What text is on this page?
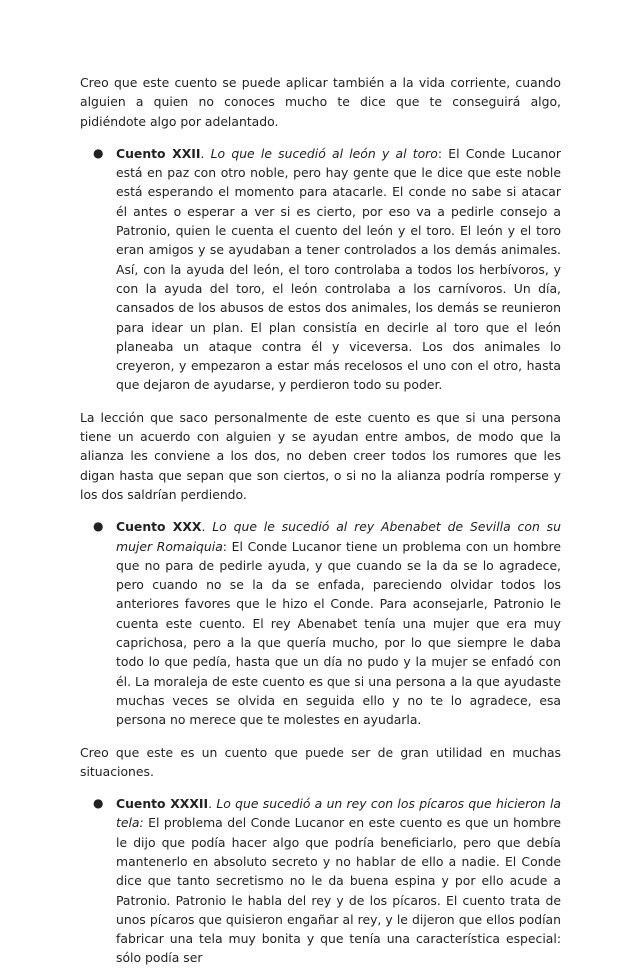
Creo que este cuento se puede aplicar también a la vida corriente, cuando alguien a quien no conoces mucho te dice que te conseguirá algo, pidiéndote algo por adelantado.

● Cuento XXII. Lo que le sucedió al león y al toro: El Conde Lucanor está en paz con otro noble, pero hay gente que le dice que este noble está esperando el momento para atacarle. El conde no sabe si atacar él antes o esperar a ver si es cierto, por eso va a pedirle consejo a Patronio, quien le cuenta el cuento del león y el toro. El león y el toro eran amigos y se ayudaban a tener controlados a los demás animales. Así, con la ayuda del león, el toro controlaba a todos los herbívoros, y con la ayuda del toro, el león controlaba a los carnívoros. Un día, cansados de los abusos de estos dos animales, los demás se reunieron para idear un plan. El plan consistía en decirle al toro que el león planeaba un ataque contra él y viceversa. Los dos animales lo creyeron, y empezaron a estar más recelosos el uno con el otro, hasta que dejaron de ayudarse, y perdieron todo su poder.

La lección que saco personalmente de este cuento es que si una persona tiene un acuerdo con alguien y se ayudan entre ambos, de modo que la alianza les conviene a los dos, no deben creer todos los rumores que les digan hasta que sepan que son ciertos, o si no la alianza podría romperse y los dos saldrían perdiendo.

● Cuento XXX. Lo que le sucedió al rey Abenabet de Sevilla con su mujer Romaiquia: El Conde Lucanor tiene un problema con un hombre que no para de pedirle ayuda, y que cuando se la da se lo agradece, pero cuando no se la da se enfada, pareciendo olvidar todos los anteriores favores que le hizo el Conde. Para aconsejarle, Patronio le cuenta este cuento. El rey Abenabet tenía una mujer que era muy caprichosa, pero a la que quería mucho, por lo que siempre le daba todo lo que pedía, hasta que un día no pudo y la mujer se enfadó con él. La moraleja de este cuento es que si una persona a la que ayudaste muchas veces se olvida en seguida ello y no te lo agradece, esa persona no merece que te molestes en ayudarla.

Creo que este es un cuento que puede ser de gran utilidad en muchas situaciones.

● Cuento XXXII. Lo que sucedió a un rey con los pícaros que hicieron la tela: El problema del Conde Lucanor en este cuento es que un hombre le dijo que podía hacer algo que podría beneficiarlo, pero que debía mantenerlo en absoluto secreto y no hablar de ello a nadie. El Conde dice que tanto secretismo no le da buena espina y por ello acude a Patronio. Patronio le habla del rey y de los pícaros. El cuento trata de unos pícaros que quisieron engañar al rey, y le dijeron que ellos podían fabricar una tela muy bonita y que tenía una característica especial: sólo podía ser
